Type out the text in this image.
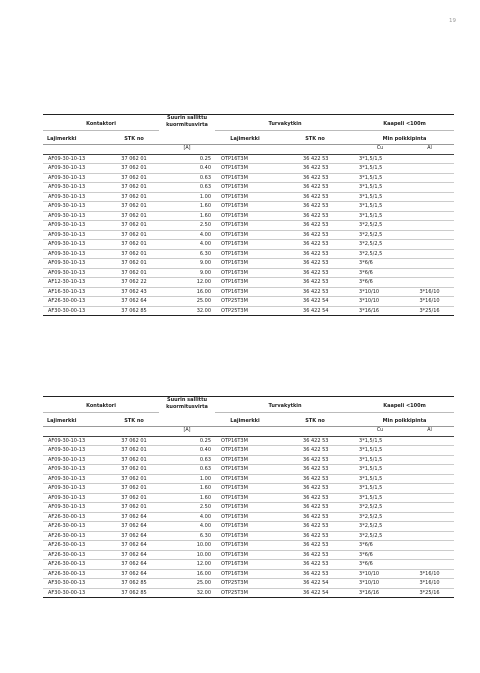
19
Kontaktori		Suurin sallittu kuormitusvirta	Turvakytkin		Kaapeli <100m	
Lajimerkki	STK no		Lajimerkki	STK no	Min poikkipinta	
		[A]			Cu	Al
AF09-30-10-13	37 062 01	0.25	OTP16T3M	36 422 53	3*1,5/1,5	
AF09-30-10-13	37 062 01	0.40	OTP16T3M	36 422 53	3*1,5/1,5	
AF09-30-10-13	37 062 01	0.63	OTP16T3M	36 422 53	3*1,5/1,5	
AF09-30-10-13	37 062 01	0.63	OTP16T3M	36 422 53	3*1,5/1,5	
AF09-30-10-13	37 062 01	1.00	OTP16T3M	36 422 53	3*1,5/1,5	
AF09-30-10-13	37 062 01	1.60	OTP16T3M	36 422 53	3*1,5/1,5	
AF09-30-10-13	37 062 01	1.60	OTP16T3M	36 422 53	3*1,5/1,5	
AF09-30-10-13	37 062 01	2.50	OTP16T3M	36 422 53	3*2,5/2,5	
AF09-30-10-13	37 062 01	4.00	OTP16T3M	36 422 53	3*2,5/2,5	
AF09-30-10-13	37 062 01	4.00	OTP16T3M	36 422 53	3*2,5/2,5	
AF09-30-10-13	37 062 01	6.30	OTP16T3M	36 422 53	3*2,5/2,5	
AF09-30-10-13	37 062 01	9.00	OTP16T3M	36 422 53	3*6/6	
AF09-30-10-13	37 062 01	9.00	OTP16T3M	36 422 53	3*6/6	
AF12-30-10-13	37 062 22	12.00	OTP16T3M	36 422 53	3*6/6	
AF16-30-10-13	37 062 43	16.00	OTP16T3M	36 422 53	3*10/10	3*16/10
AF26-30-00-13	37 062 64	25.00	OTP25T3M	36 422 54	3*10/10	3*16/10
AF30-30-00-13	37 062 85	32.00	OTP25T3M	36 422 54	3*16/16	3*25/16
Kontaktori		Suurin sallittu kuormitusvirta	Turvakytkin		Kaapeli <100m	
Lajimerkki	STK no		Lajimerkki	STK no	Min poikkipinta	
		[A]			Cu	Al
AF09-30-10-13	37 062 01	0.25	OTP16T3M	36 422 53	3*1,5/1,5	
AF09-30-10-13	37 062 01	0.40	OTP16T3M	36 422 53	3*1,5/1,5	
AF09-30-10-13	37 062 01	0.63	OTP16T3M	36 422 53	3*1,5/1,5	
AF09-30-10-13	37 062 01	0.63	OTP16T3M	36 422 53	3*1,5/1,5	
AF09-30-10-13	37 062 01	1.00	OTP16T3M	36 422 53	3*1,5/1,5	
AF09-30-10-13	37 062 01	1.60	OTP16T3M	36 422 53	3*1,5/1,5	
AF09-30-10-13	37 062 01	1.60	OTP16T3M	36 422 53	3*1,5/1,5	
AF09-30-10-13	37 062 01	2.50	OTP16T3M	36 422 53	3*2,5/2,5	
AF26-30-00-13	37 062 64	4.00	OTP16T3M	36 422 53	3*2,5/2,5	
AF26-30-00-13	37 062 64	4.00	OTP16T3M	36 422 53	3*2,5/2,5	
AF26-30-00-13	37 062 64	6.30	OTP16T3M	36 422 53	3*2,5/2,5	
AF26-30-00-13	37 062 64	10.00	OTP16T3M	36 422 53	3*6/6	
AF26-30-00-13	37 062 64	10.00	OTP16T3M	36 422 53	3*6/6	
AF26-30-00-13	37 062 64	12.00	OTP16T3M	36 422 53	3*6/6	
AF26-30-00-13	37 062 64	16.00	OTP16T3M	36 422 53	3*10/10	3*16/10
AF30-30-00-13	37 062 85	25.00	OTP25T3M	36 422 54	3*10/10	3*16/10
AF30-30-00-13	37 062 85	32.00	OTP25T3M	36 422 54	3*16/16	3*25/16
